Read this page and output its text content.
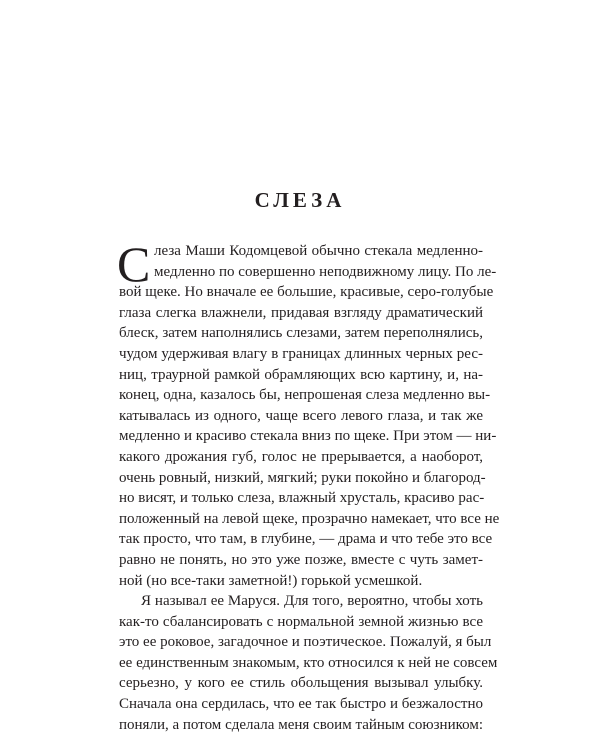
СЛЕЗА
С леза Маши Кодомцевой обычно стекала медленно-
медленно по совершенно неподвижному лицу. По ле-
вой щеке. Но вначале ее большие, красивые, серо-голубые
глаза слегка влажнели, придавая взгляду драматический
блеск, затем наполнялись слезами, затем переполнялись,
чудом удерживая влагу в границах длинных черных рес-
ниц, траурной рамкой обрамляющих всю картину, и, на-
конец, одна, казалось бы, непрошеная слеза медленно вы-
катывалась из одного, чаще всего левого глаза, и так же
медленно и красиво стекала вниз по щеке. При этом — ни-
какого дрожания губ, голос не прерывается, а наоборот,
очень ровный, низкий, мягкий; руки покойно и благород-
но висят, и только слеза, влажный хрусталь, красиво рас-
положенный на левой щеке, прозрачно намекает, что все не
так просто, что там, в глубине, — драма и что тебе это все
равно не понять, но это уже позже, вместе с чуть замет-
ной (но все-таки заметной!) горькой усмешкой.
Я называл ее Маруся. Для того, вероятно, чтобы хоть
как-то сбалансировать с нормальной земной жизнью все
это ее роковое, загадочное и поэтическое. Пожалуй, я был
ее единственным знакомым, кто относился к ней не совсем
серьезно, у кого ее стиль обольщения вызывал улыбку.
Сначала она сердилась, что ее так быстро и безжалостно
поняли, а потом сделала меня своим тайным союзником:
